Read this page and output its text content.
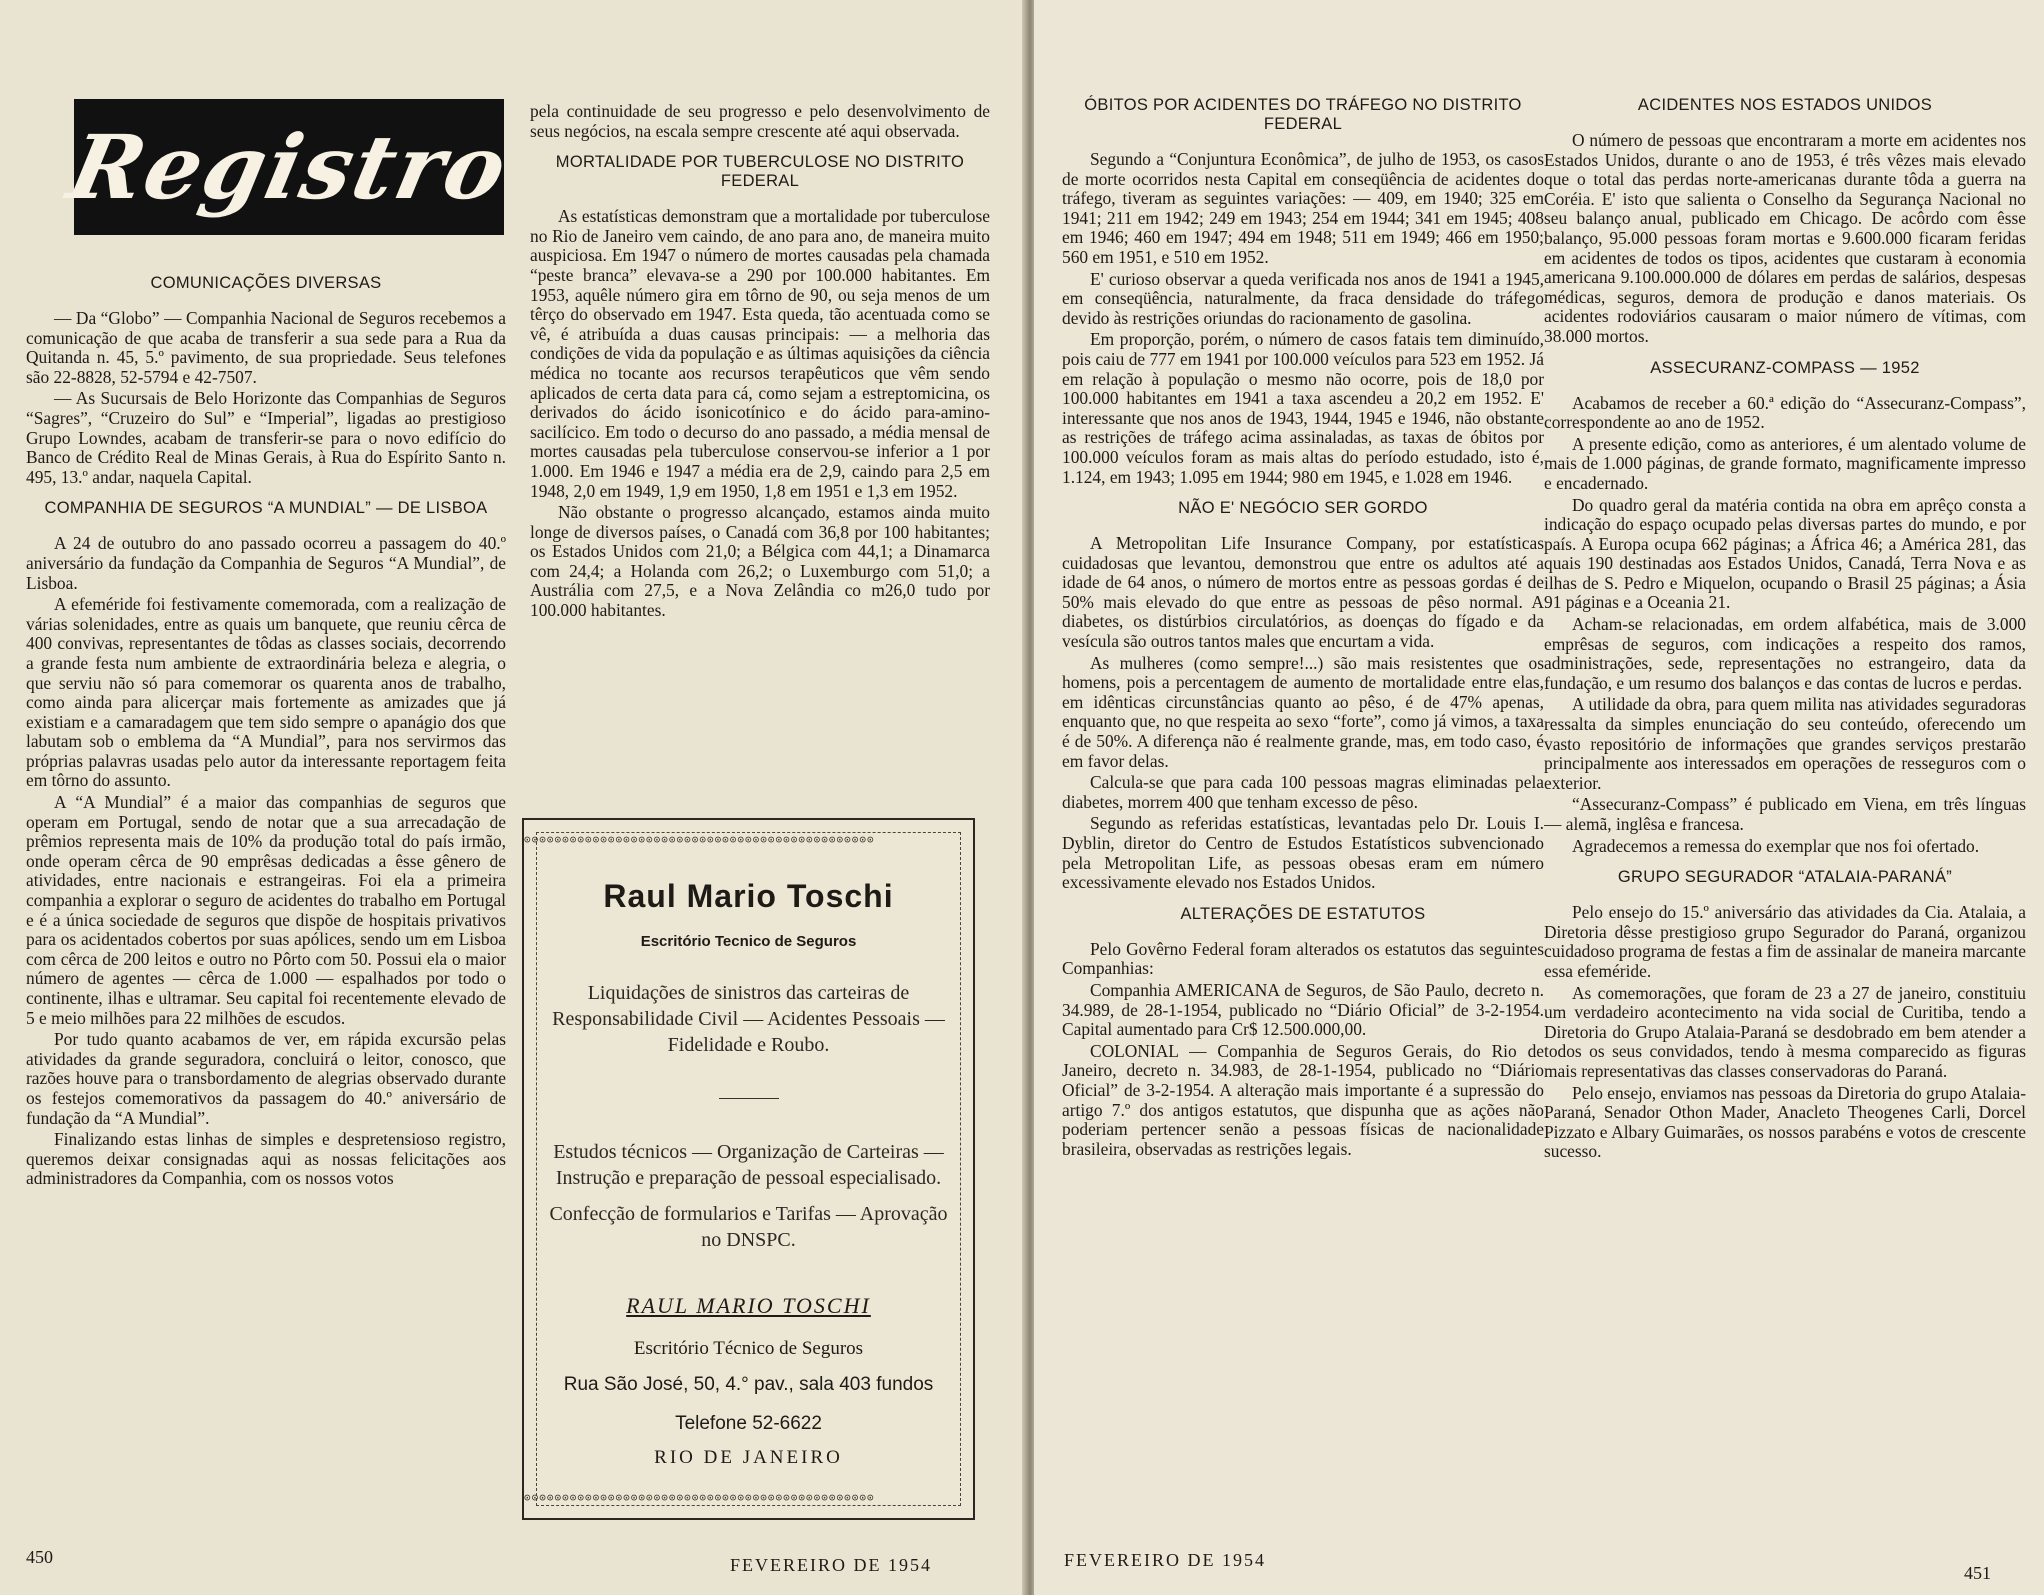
Registro
COMUNICAÇÕES DIVERSAS

— Da “Globo” — Companhia Nacional de Seguros recebemos a comunicação de que acaba de transferir a sua sede para a Rua da Quitanda n. 45, 5.º pavimento, de sua propriedade. Seus telefones são 22-8828, 52-5794 e 42-7507.

— As Sucursais de Belo Horizonte das Companhias de Seguros “Sagres”, “Cruzeiro do Sul” e “Imperial”, ligadas ao prestigioso Grupo Lowndes, acabam de transferir-se para o novo edifício do Banco de Crédito Real de Minas Gerais, à Rua do Espírito Santo n. 495, 13.º andar, naquela Capital.

COMPANHIA DE SEGUROS “A MUNDIAL” — DE LISBOA

A 24 de outubro do ano passado ocorreu a passagem do 40.º aniversário da fundação da Companhia de Seguros “A Mundial”, de Lisboa.

A efeméride foi festivamente comemorada, com a realização de várias solenidades, entre as quais um banquete, que reuniu cêrca de 400 convivas, representantes de tôdas as classes sociais, decorrendo a grande festa num ambiente de extraordinária beleza e alegria, o que serviu não só para comemorar os quarenta anos de trabalho, como ainda para alicerçar mais fortemente as amizades que já existiam e a camaradagem que tem sido sempre o apanágio dos que labutam sob o emblema da “A Mundial”, para nos servirmos das próprias palavras usadas pelo autor da interessante reportagem feita em tôrno do assunto.

A “A Mundial” é a maior das companhias de seguros que operam em Portugal, sendo de notar que a sua arrecadação de prêmios representa mais de 10% da produção total do país irmão, onde operam cêrca de 90 emprêsas dedicadas a êsse gênero de atividades, entre nacionais e estrangeiras. Foi ela a primeira companhia a explorar o seguro de acidentes do trabalho em Portugal e é a única sociedade de seguros que dispõe de hospitais privativos para os acidentados cobertos por suas apólices, sendo um em Lisboa com cêrca de 200 leitos e outro no Pôrto com 50. Possui ela o maior número de agentes — cêrca de 1.000 — espalhados por todo o continente, ilhas e ultramar. Seu capital foi recentemente elevado de 5 e meio milhões para 22 milhões de escudos.

Por tudo quanto acabamos de ver, em rápida excursão pelas atividades da grande seguradora, concluirá o leitor, conosco, que razões houve para o transbordamento de alegrias observado durante os festejos comemorativos da passagem do 40.º aniversário de fundação da “A Mundial”.

Finalizando estas linhas de simples e despretensioso registro, queremos deixar consignadas aqui as nossas felicitações aos administradores da Companhia, com os nossos votos

pela continuidade de seu progresso e pelo desenvolvimento de seus negócios, na escala sempre crescente até aqui observada.

MORTALIDADE POR TUBERCULOSE NO DISTRITO FEDERAL

As estatísticas demonstram que a mortalidade por tuberculose no Rio de Janeiro vem caindo, de ano para ano, de maneira muito auspiciosa. Em 1947 o número de mortes causadas pela chamada “peste branca” elevava-se a 290 por 100.000 habitantes. Em 1953, aquêle número gira em tôrno de 90, ou seja menos de um têrço do observado em 1947. Esta queda, tão acentuada como se vê, é atribuída a duas causas principais: — a melhoria das condições de vida da população e as últimas aquisições da ciência médica no tocante aos recursos terapêuticos que vêm sendo aplicados de certa data para cá, como sejam a estreptomicina, os derivados do ácido isonicotínico e do ácido para-amino-sacilícico. Em todo o decurso do ano passado, a média mensal de mortes causadas pela tuberculose conservou-se inferior a 1 por 1.000. Em 1946 e 1947 a média era de 2,9, caindo para 2,5 em 1948, 2,0 em 1949, 1,9 em 1950, 1,8 em 1951 e 1,3 em 1952.

Não obstante o progresso alcançado, estamos ainda muito longe de diversos países, o Canadá com 36,8 por 100 habitantes; os Estados Unidos com 21,0; a Bélgica com 44,1; a Dinamarca com 24,4; a Holanda com 26,2; o Luxemburgo com 51,0; a Austrália com 27,5, e a Nova Zelândia co m26,0 tudo por 100.000 habitantes.

⊙⊙⊙⊙⊙⊙⊙⊙⊙⊙⊙⊙⊙⊙⊙⊙⊙⊙⊙⊙⊙⊙⊙⊙⊙⊙⊙⊙⊙⊙⊙⊙⊙⊙⊙⊙⊙⊙⊙⊙⊙⊙⊙⊙⊙⊙
⊙⊙⊙⊙⊙⊙⊙⊙⊙⊙⊙⊙⊙⊙⊙⊙⊙⊙⊙⊙⊙⊙⊙⊙⊙⊙⊙⊙⊙⊙⊙⊙⊙⊙⊙⊙⊙⊙⊙⊙⊙⊙⊙⊙⊙⊙
Raul Mario Toschi
Escritório Tecnico de Seguros
Liquidações de sinistros das carteiras de Responsabilidade Civil — Acidentes Pessoais — Fidelidade e Roubo.
Estudos técnicos — Organização de Carteiras — Instrução e preparação de pessoal especialisado.
Confecção de formularios e Tarifas — Aprovação no DNSPC.
RAUL MARIO TOSCHI
Escritório Técnico de Seguros
Rua São José, 50, 4.° pav., sala 403 fundos
Telefone 52-6622
RIO DE JANEIRO
450	FEVEREIRO DE 1954
ÓBITOS POR ACIDENTES DO TRÁFEGO NO DISTRITO FEDERAL

Segundo a “Conjuntura Econômica”, de julho de 1953, os casos de morte ocorridos nesta Capital em conseqüência de acidentes do tráfego, tiveram as seguintes variações: — 409, em 1940; 325 em 1941; 211 em 1942; 249 em 1943; 254 em 1944; 341 em 1945; 408 em 1946; 460 em 1947; 494 em 1948; 511 em 1949; 466 em 1950; 560 em 1951, e 510 em 1952.

E' curioso observar a queda verificada nos anos de 1941 a 1945, em conseqüência, naturalmente, da fraca densidade do tráfego devido às restrições oriundas do racionamento de gasolina.

Em proporção, porém, o número de casos fatais tem diminuído, pois caiu de 777 em 1941 por 100.000 veículos para 523 em 1952. Já em relação à população o mesmo não ocorre, pois de 18,0 por 100.000 habitantes em 1941 a taxa ascendeu a 20,2 em 1952. E' interessante que nos anos de 1943, 1944, 1945 e 1946, não obstante as restrições de tráfego acima assinaladas, as taxas de óbitos por 100.000 veículos foram as mais altas do período estudado, isto é, 1.124, em 1943; 1.095 em 1944; 980 em 1945, e 1.028 em 1946.

NÃO E' NEGÓCIO SER GORDO

A Metropolitan Life Insurance Company, por estatísticas cuidadosas que levantou, demonstrou que entre os adultos até a idade de 64 anos, o número de mortos entre as pessoas gordas é de 50% mais elevado do que entre as pessoas de pêso normal. A diabetes, os distúrbios circulatórios, as doenças do fígado e da vesícula são outros tantos males que encurtam a vida.

As mulheres (como sempre!...) são mais resistentes que os homens, pois a percentagem de aumento de mortalidade entre elas, em idênticas circunstâncias quanto ao pêso, é de 47% apenas, enquanto que, no que respeita ao sexo “forte”, como já vimos, a taxa é de 50%. A diferença não é realmente grande, mas, em todo caso, é em favor delas.

Calcula-se que para cada 100 pessoas magras eliminadas pela diabetes, morrem 400 que tenham excesso de pêso.

Segundo as referidas estatísticas, levantadas pelo Dr. Louis I. Dyblin, diretor do Centro de Estudos Estatísticos subvencionado pela Metropolitan Life, as pessoas obesas eram em número excessivamente elevado nos Estados Unidos.

ALTERAÇÕES DE ESTATUTOS

Pelo Govêrno Federal foram alterados os estatutos das seguintes Companhias:

Companhia AMERICANA de Seguros, de São Paulo, decreto n. 34.989, de 28-1-1954, publicado no “Diário Oficial” de 3-2-1954. Capital aumentado para Cr$ 12.500.000,00.

COLONIAL — Companhia de Seguros Gerais, do Rio de Janeiro, decreto n. 34.983, de 28-1-1954, publicado no “Diário Oficial” de 3-2-1954. A alteração mais importante é a supressão do artigo 7.º dos antigos estatutos, que dispunha que as ações não poderiam pertencer senão a pessoas físicas de nacionalidade brasileira, observadas as restrições legais.

ACIDENTES NOS ESTADOS UNIDOS

O número de pessoas que encontraram a morte em acidentes nos Estados Unidos, durante o ano de 1953, é três vêzes mais elevado que o total das perdas norte-americanas durante tôda a guerra na Coréia. E' isto que salienta o Conselho da Segurança Nacional no seu balanço anual, publicado em Chicago. De acôrdo com êsse balanço, 95.000 pessoas foram mortas e 9.600.000 ficaram feridas em acidentes de todos os tipos, acidentes que custaram à economia americana 9.100.000.000 de dólares em perdas de salários, despesas médicas, seguros, demora de produção e danos materiais. Os acidentes rodoviários causaram o maior número de vítimas, com 38.000 mortos.

ASSECURANZ-COMPASS — 1952

Acabamos de receber a 60.ª edição do “Assecuranz-Compass”, correspondente ao ano de 1952.

A presente edição, como as anteriores, é um alentado volume de mais de 1.000 páginas, de grande formato, magnificamente impresso e encadernado.

Do quadro geral da matéria contida na obra em aprêço consta a indicação do espaço ocupado pelas diversas partes do mundo, e por país. A Europa ocupa 662 páginas; a África 46; a América 281, das quais 190 destinadas aos Estados Unidos, Canadá, Terra Nova e as ilhas de S. Pedro e Miquelon, ocupando o Brasil 25 páginas; a Ásia 91 páginas e a Oceania 21.

Acham-se relacionadas, em ordem alfabética, mais de 3.000 emprêsas de seguros, com indicações a respeito dos ramos, administrações, sede, representações no estrangeiro, data da fundação, e um resumo dos balanços e das contas de lucros e perdas.

A utilidade da obra, para quem milita nas atividades seguradoras ressalta da simples enunciação do seu conteúdo, oferecendo um vasto repositório de informações que grandes serviços prestarão principalmente aos interessados em operações de resseguros com o exterior.

“Assecuranz-Compass” é publicado em Viena, em três línguas — alemã, inglêsa e francesa.

Agradecemos a remessa do exemplar que nos foi ofertado.

GRUPO SEGURADOR “ATALAIA-PARANÁ”

Pelo ensejo do 15.º aniversário das atividades da Cia. Atalaia, a Diretoria dêsse prestigioso grupo Segurador do Paraná, organizou cuidadoso programa de festas a fim de assinalar de maneira marcante essa efeméride.

As comemorações, que foram de 23 a 27 de janeiro, constituiu um verdadeiro acontecimento na vida social de Curitiba, tendo a Diretoria do Grupo Atalaia-Paraná se desdobrado em bem atender a todos os seus convidados, tendo à mesma comparecido as figuras mais representativas das classes conservadoras do Paraná.

Pelo ensejo, enviamos nas pessoas da Diretoria do grupo Atalaia-Paraná, Senador Othon Mader, Anacleto Theogenes Carli, Dorcel Pizzato e Albary Guimarães, os nossos parabéns e votos de crescente sucesso.

FEVEREIRO DE 1954
451
